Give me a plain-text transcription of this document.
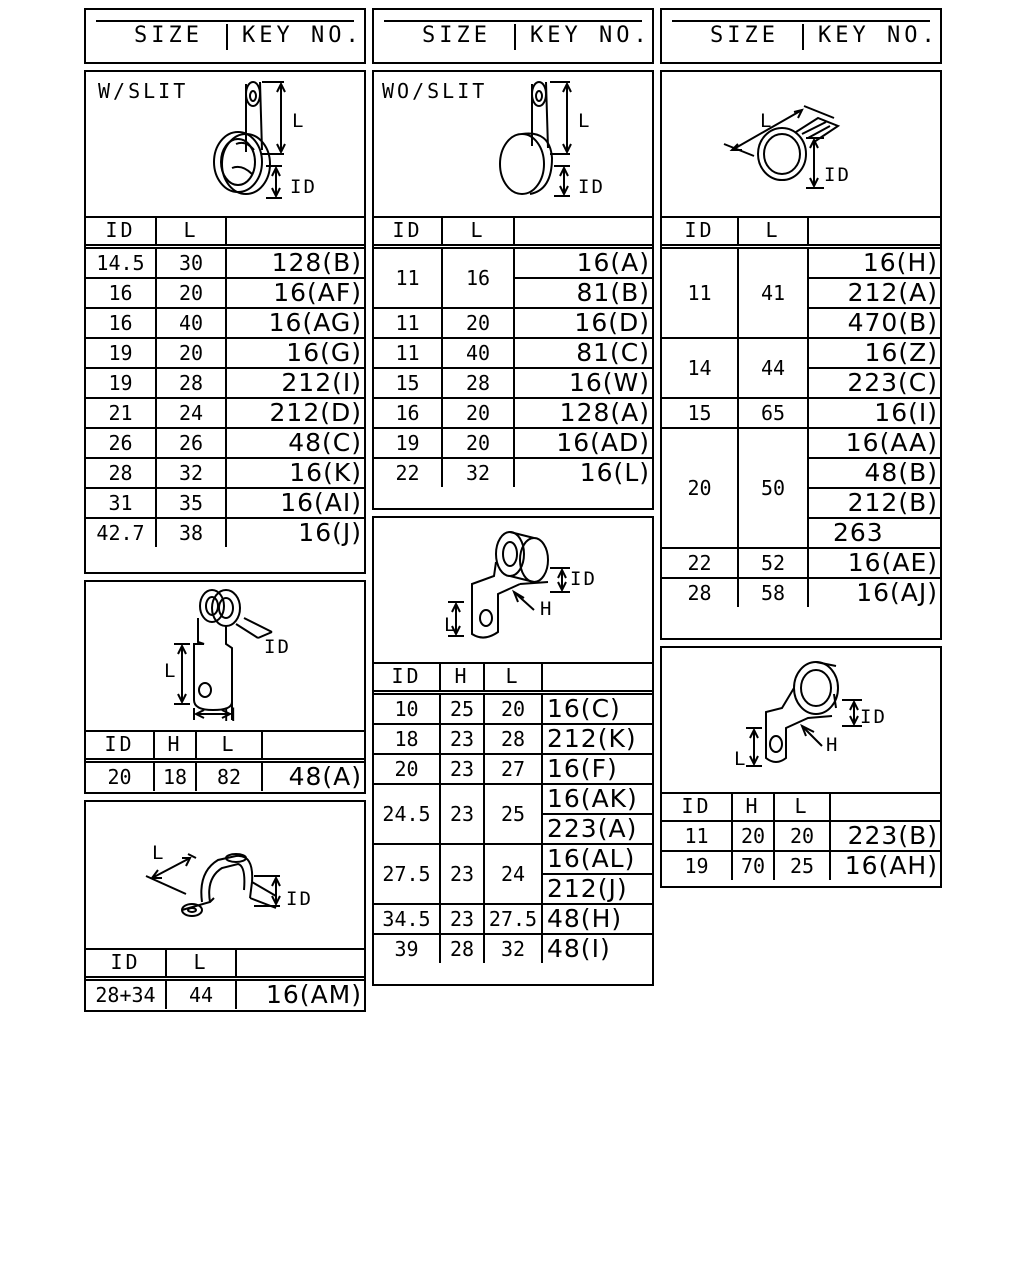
SIZE KEY NO.	SIZE KEY NO.	SIZE KEY NO.
W/SLIT
L
ID
ID	L	
14.5	30	128(B)
16	20	16(AF)
16	40	16(AG)
19	20	16(G)
19	28	212(I)
21	24	212(D)
26	26	48(C)
28	32	16(K)
31	35	16(AI)
42.7	38	16(J)
L
ID
H
ID	H	L	
20	18	82	48(A)
L
ID
ID	L	
28+34	44	16(AM)
WO/SLIT
L
ID
ID	L	
11	16	16(A)
		81(B)
11	20	16(D)
11	40	81(C)
15	28	16(W)
16	20	128(A)
19	20	16(AD)
22	32	16(L)
L
ID
H
ID	H	L	
10	25	20	16(C)
18	23	28	212(K)
20	23	27	16(F)
24.5	23	25	16(AK)
			223(A)
27.5	23	24	16(AL)
			212(J)
34.5	23	27.5	48(H)
39	28	32	48(I)
L
ID
ID	L	
11	41	16(H)
		212(A)
		470(B)
14	44	16(Z)
		223(C)
15	65	16(I)
20	50	16(AA)
		48(B)
		212(B)
		263
22	52	16(AE)
28	58	16(AJ)
L
ID
H
ID	H	L	
11	20	20	223(B)
19	70	25	16(AH)
